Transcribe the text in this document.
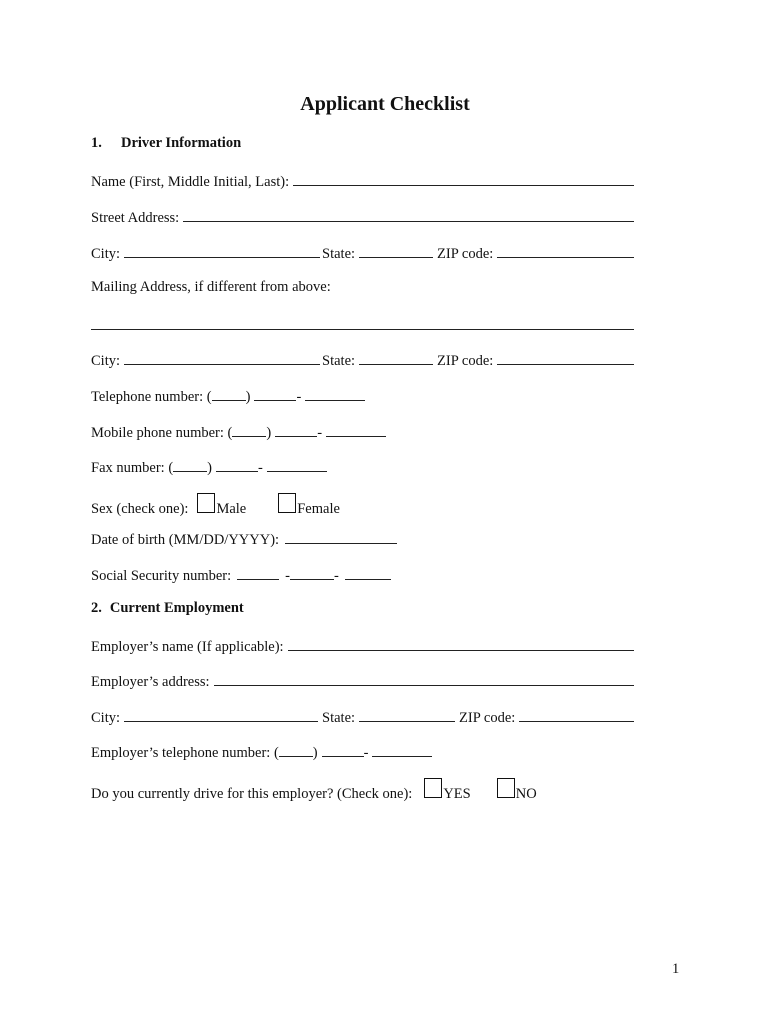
Applicant Checklist
1.	Driver Information
Name (First, Middle Initial, Last):
Street Address:
City:	State:	ZIP code:
Mailing Address, if different from above:
City:	State:	ZIP code:
Telephone number: ( )	-
Mobile phone number: ( )	-
Fax number: ( )	-
Sex (check one): Male	Female
Date of birth (MM/DD/YYYY):
Social Security number:	-	-
2. Current Employment
Employer’s name (If applicable):
Employer’s address:
City:	State:	ZIP code:
Employer’s telephone number: ( )	-
Do you currently drive for this employer? (Check one): YES	NO
1
